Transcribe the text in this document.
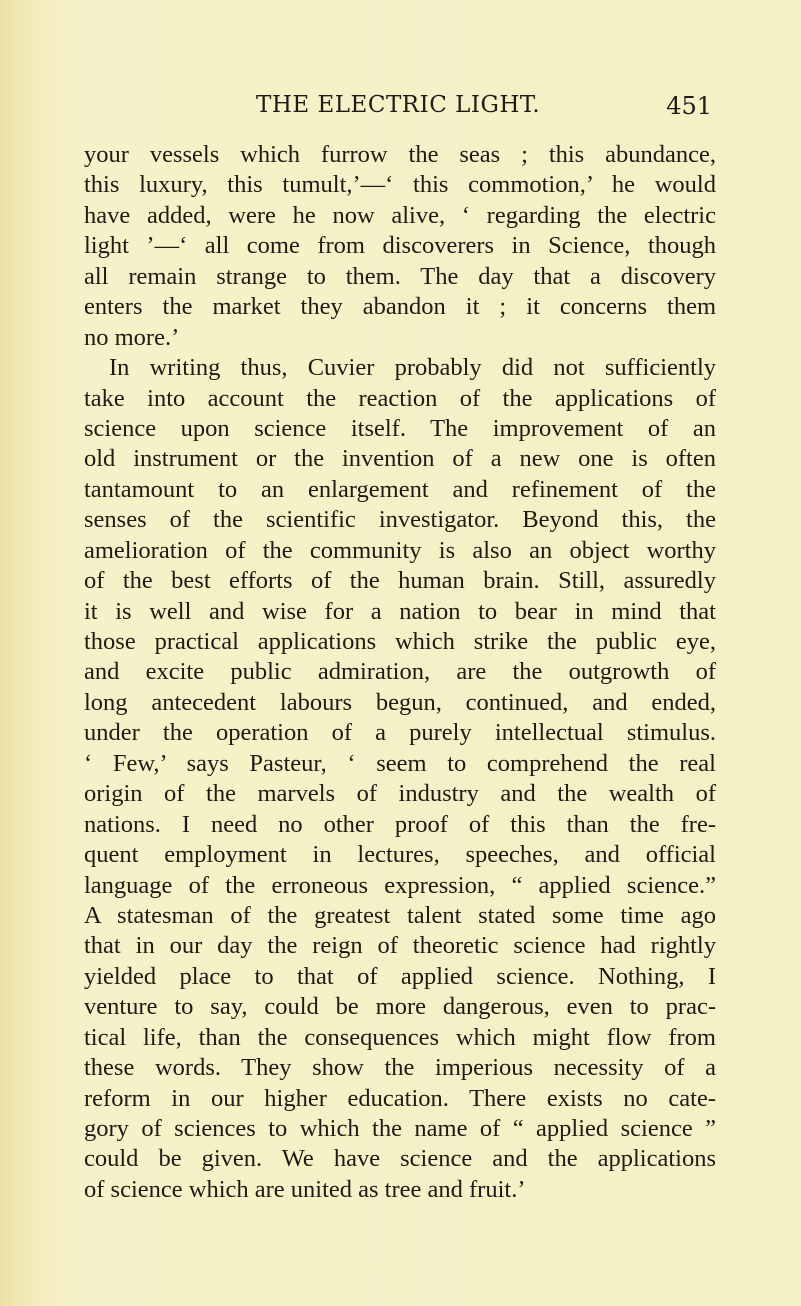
THE ELECTRIC LIGHT.	451
your vessels which furrow the seas ; this abundance,
this luxury, this tumult,’—‘ this commotion,’ he would
have added, were he now alive, ‘ regarding the electric
light ’—‘ all come from discoverers in Science, though
all remain strange to them. The day that a discovery
enters the market they abandon it ; it concerns them
no more.’
In writing thus, Cuvier probably did not sufficiently
take into account the reaction of the applications of
science upon science itself. The improvement of an
old instrument or the invention of a new one is often
tantamount to an enlargement and refinement of the
senses of the scientific investigator. Beyond this, the
amelioration of the community is also an object worthy
of the best efforts of the human brain. Still, assuredly
it is well and wise for a nation to bear in mind that
those practical applications which strike the public eye,
and excite public admiration, are the outgrowth of
long antecedent labours begun, continued, and ended,
under the operation of a purely intellectual stimulus.
‘ Few,’ says Pasteur, ‘ seem to comprehend the real
origin of the marvels of industry and the wealth of
nations. I need no other proof of this than the fre-
quent employment in lectures, speeches, and official
language of the erroneous expression, “ applied science.”
A statesman of the greatest talent stated some time ago
that in our day the reign of theoretic science had rightly
yielded place to that of applied science. Nothing, I
venture to say, could be more dangerous, even to prac-
tical life, than the consequences which might flow from
these words. They show the imperious necessity of a
reform in our higher education. There exists no cate-
gory of sciences to which the name of “ applied science ”
could be given. We have science and the applications
of science which are united as tree and fruit.’
